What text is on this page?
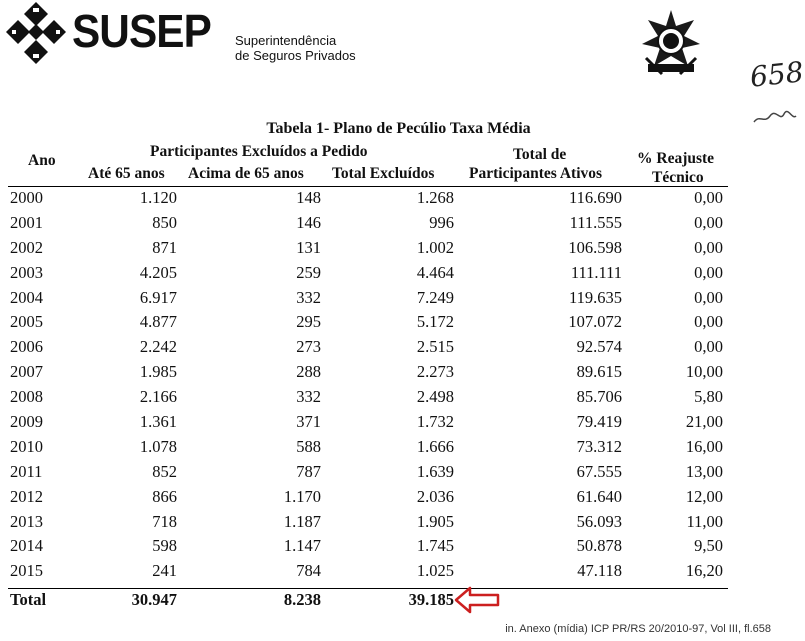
SUSEP Superintendência
de Seguros Privados	658
Tabela 1- Plano de Pecúlio Taxa Média
Ano
Participantes Excluídos a Pedido
Até 65 anos Acima de 65 anos Total Excluídos
Total de
Participantes Ativos
% Reajuste
Técnico
2000	1.120	148	1.268	116.690	0,00
2001	850	146	996	111.555	0,00
2002	871	131	1.002	106.598	0,00
2003	4.205	259	4.464	111.111	0,00
2004	6.917	332	7.249	119.635	0,00
2005	4.877	295	5.172	107.072	0,00
2006	2.242	273	2.515	92.574	0,00
2007	1.985	288	2.273	89.615	10,00
2008	2.166	332	2.498	85.706	5,80
2009	1.361	371	1.732	79.419	21,00
2010	1.078	588	1.666	73.312	16,00
2011	852	787	1.639	67.555	13,00
2012	866	1.170	2.036	61.640	12,00
2013	718	1.187	1.905	56.093	11,00
2014	598	1.147	1.745	50.878	9,50
2015	241	784	1.025	47.118	16,20
Total	30.947	8.238	39.185
in. Anexo (mídia) ICP PR/RS 20/2010-97, Vol III, fl.658
